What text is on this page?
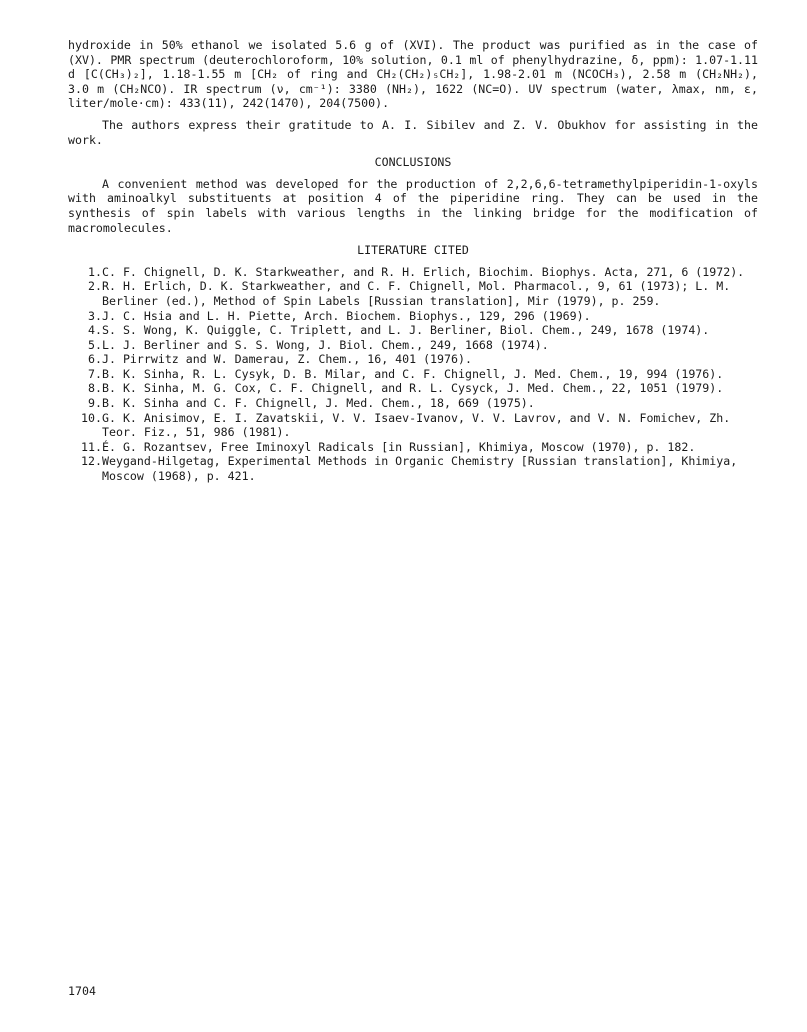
hydroxide in 50% ethanol we isolated 5.6 g of (XVI). The product was purified as in the case of (XV). PMR spectrum (deuterochloroform, 10% solution, 0.1 ml of phenylhydrazine, δ, ppm): 1.07-1.11 d [C(CH₃)₂], 1.18-1.55 m [CH₂ of ring and CH₂(CH₂)₅CH₂], 1.98-2.01 m (NCOCH₃), 2.58 m (CH₂NH₂), 3.0 m (CH₂NCO). IR spectrum (ν, cm⁻¹): 3380 (NH₂), 1622 (NC=O). UV spectrum (water, λmax, nm, ε, liter/mole·cm): 433(11), 242(1470), 204(7500).

The authors express their gratitude to A. I. Sibilev and Z. V. Obukhov for assisting in the work.

CONCLUSIONS

A convenient method was developed for the production of 2,2,6,6-tetramethylpiperidin-1-oxyls with aminoalkyl substituents at position 4 of the piperidine ring. They can be used in the synthesis of spin labels with various lengths in the linking bridge for the modification of macromolecules.

LITERATURE CITED
1. C. F. Chignell, D. K. Starkweather, and R. H. Erlich, Biochim. Biophys. Acta, 271, 6 (1972).
2. R. H. Erlich, D. K. Starkweather, and C. F. Chignell, Mol. Pharmacol., 9, 61 (1973); L. M. Berliner (ed.), Method of Spin Labels [Russian translation], Mir (1979), p. 259.
3. J. C. Hsia and L. H. Piette, Arch. Biochem. Biophys., 129, 296 (1969).
4. S. S. Wong, K. Quiggle, C. Triplett, and L. J. Berliner, Biol. Chem., 249, 1678 (1974).
5. L. J. Berliner and S. S. Wong, J. Biol. Chem., 249, 1668 (1974).
6. J. Pirrwitz and W. Damerau, Z. Chem., 16, 401 (1976).
7. B. K. Sinha, R. L. Cysyk, D. B. Milar, and C. F. Chignell, J. Med. Chem., 19, 994 (1976).
8. B. K. Sinha, M. G. Cox, C. F. Chignell, and R. L. Cysyck, J. Med. Chem., 22, 1051 (1979).
9. B. K. Sinha and C. F. Chignell, J. Med. Chem., 18, 669 (1975).
10. G. K. Anisimov, E. I. Zavatskii, V. V. Isaev-Ivanov, V. V. Lavrov, and V. N. Fomichev, Zh. Teor. Fiz., 51, 986 (1981).
11. É. G. Rozantsev, Free Iminoxyl Radicals [in Russian], Khimiya, Moscow (1970), p. 182.
12. Weygand-Hilgetag, Experimental Methods in Organic Chemistry [Russian translation], Khimiya, Moscow (1968), p. 421.
1704
